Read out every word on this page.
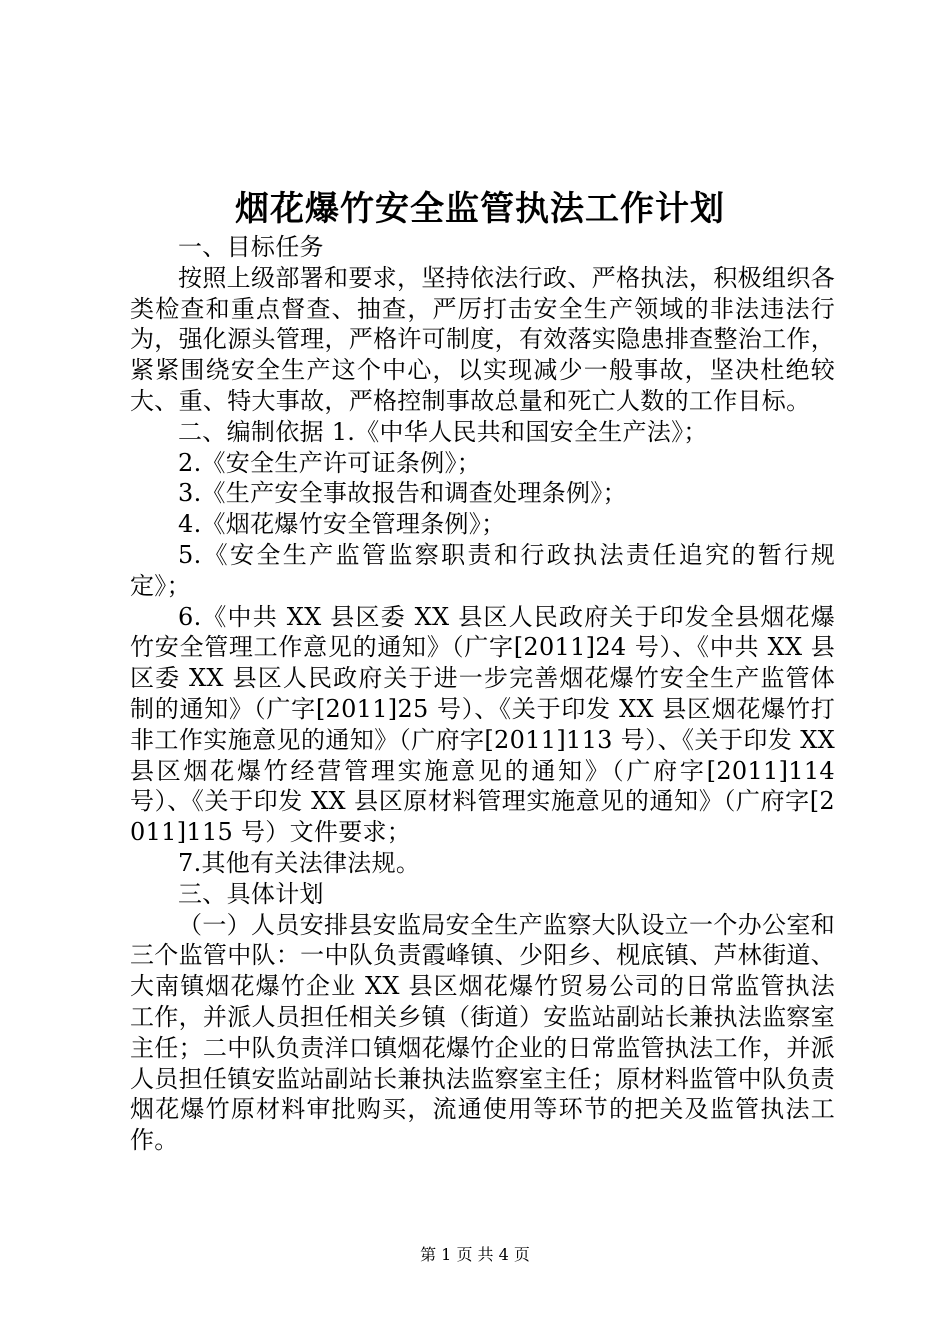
烟花爆竹安全监管执法工作计划

一、目标任务

按照上级部署和要求，坚持依法行政、严格执法，积极组织各类检查和重点督查、抽查，严厉打击安全生产领域的非法违法行为，强化源头管理，严格许可制度，有效落实隐患排查整治工作，紧紧围绕安全生产这个中心，以实现减少一般事故，坚决杜绝较大、重、特大事故，严格控制事故总量和死亡人数的工作目标。

二、编制依据 1.《中华人民共和国安全生产法》；

2.《安全生产许可证条例》；

3.《生产安全事故报告和调查处理条例》；

4.《烟花爆竹安全管理条例》；

5.《安全生产监管监察职责和行政执法责任追究的暂行规定》；

6.《中共 XX 县区委 XX 县区人民政府关于印发全县烟花爆竹安全管理工作意见的通知》（广字[2011]24 号）、《中共 XX 县区委 XX 县区人民政府关于进一步完善烟花爆竹安全生产监管体制的通知》（广字[2011]25 号）、《关于印发 XX 县区烟花爆竹打非工作实施意见的通知》（广府字[2011]113 号）、《关于印发 XX 县区烟花爆竹经营管理实施意见的通知》（广府字[2011]114 号）、《关于印发 XX 县区原材料管理实施意见的通知》（广府字[2011]115 号）文件要求；

7.其他有关法律法规。

三、具体计划

（一）人员安排县安监局安全生产监察大队设立一个办公室和三个监管中队：一中队负责霞峰镇、少阳乡、枧底镇、芦林街道、大南镇烟花爆竹企业 XX 县区烟花爆竹贸易公司的日常监管执法工作，并派人员担任相关乡镇（街道）安监站副站长兼执法监察室主任；二中队负责洋口镇烟花爆竹企业的日常监管执法工作，并派人员担任镇安监站副站长兼执法监察室主任；原材料监管中队负责烟花爆竹原材料审批购买，流通使用等环节的把关及监管执法工作。

第 1 页 共 4 页
